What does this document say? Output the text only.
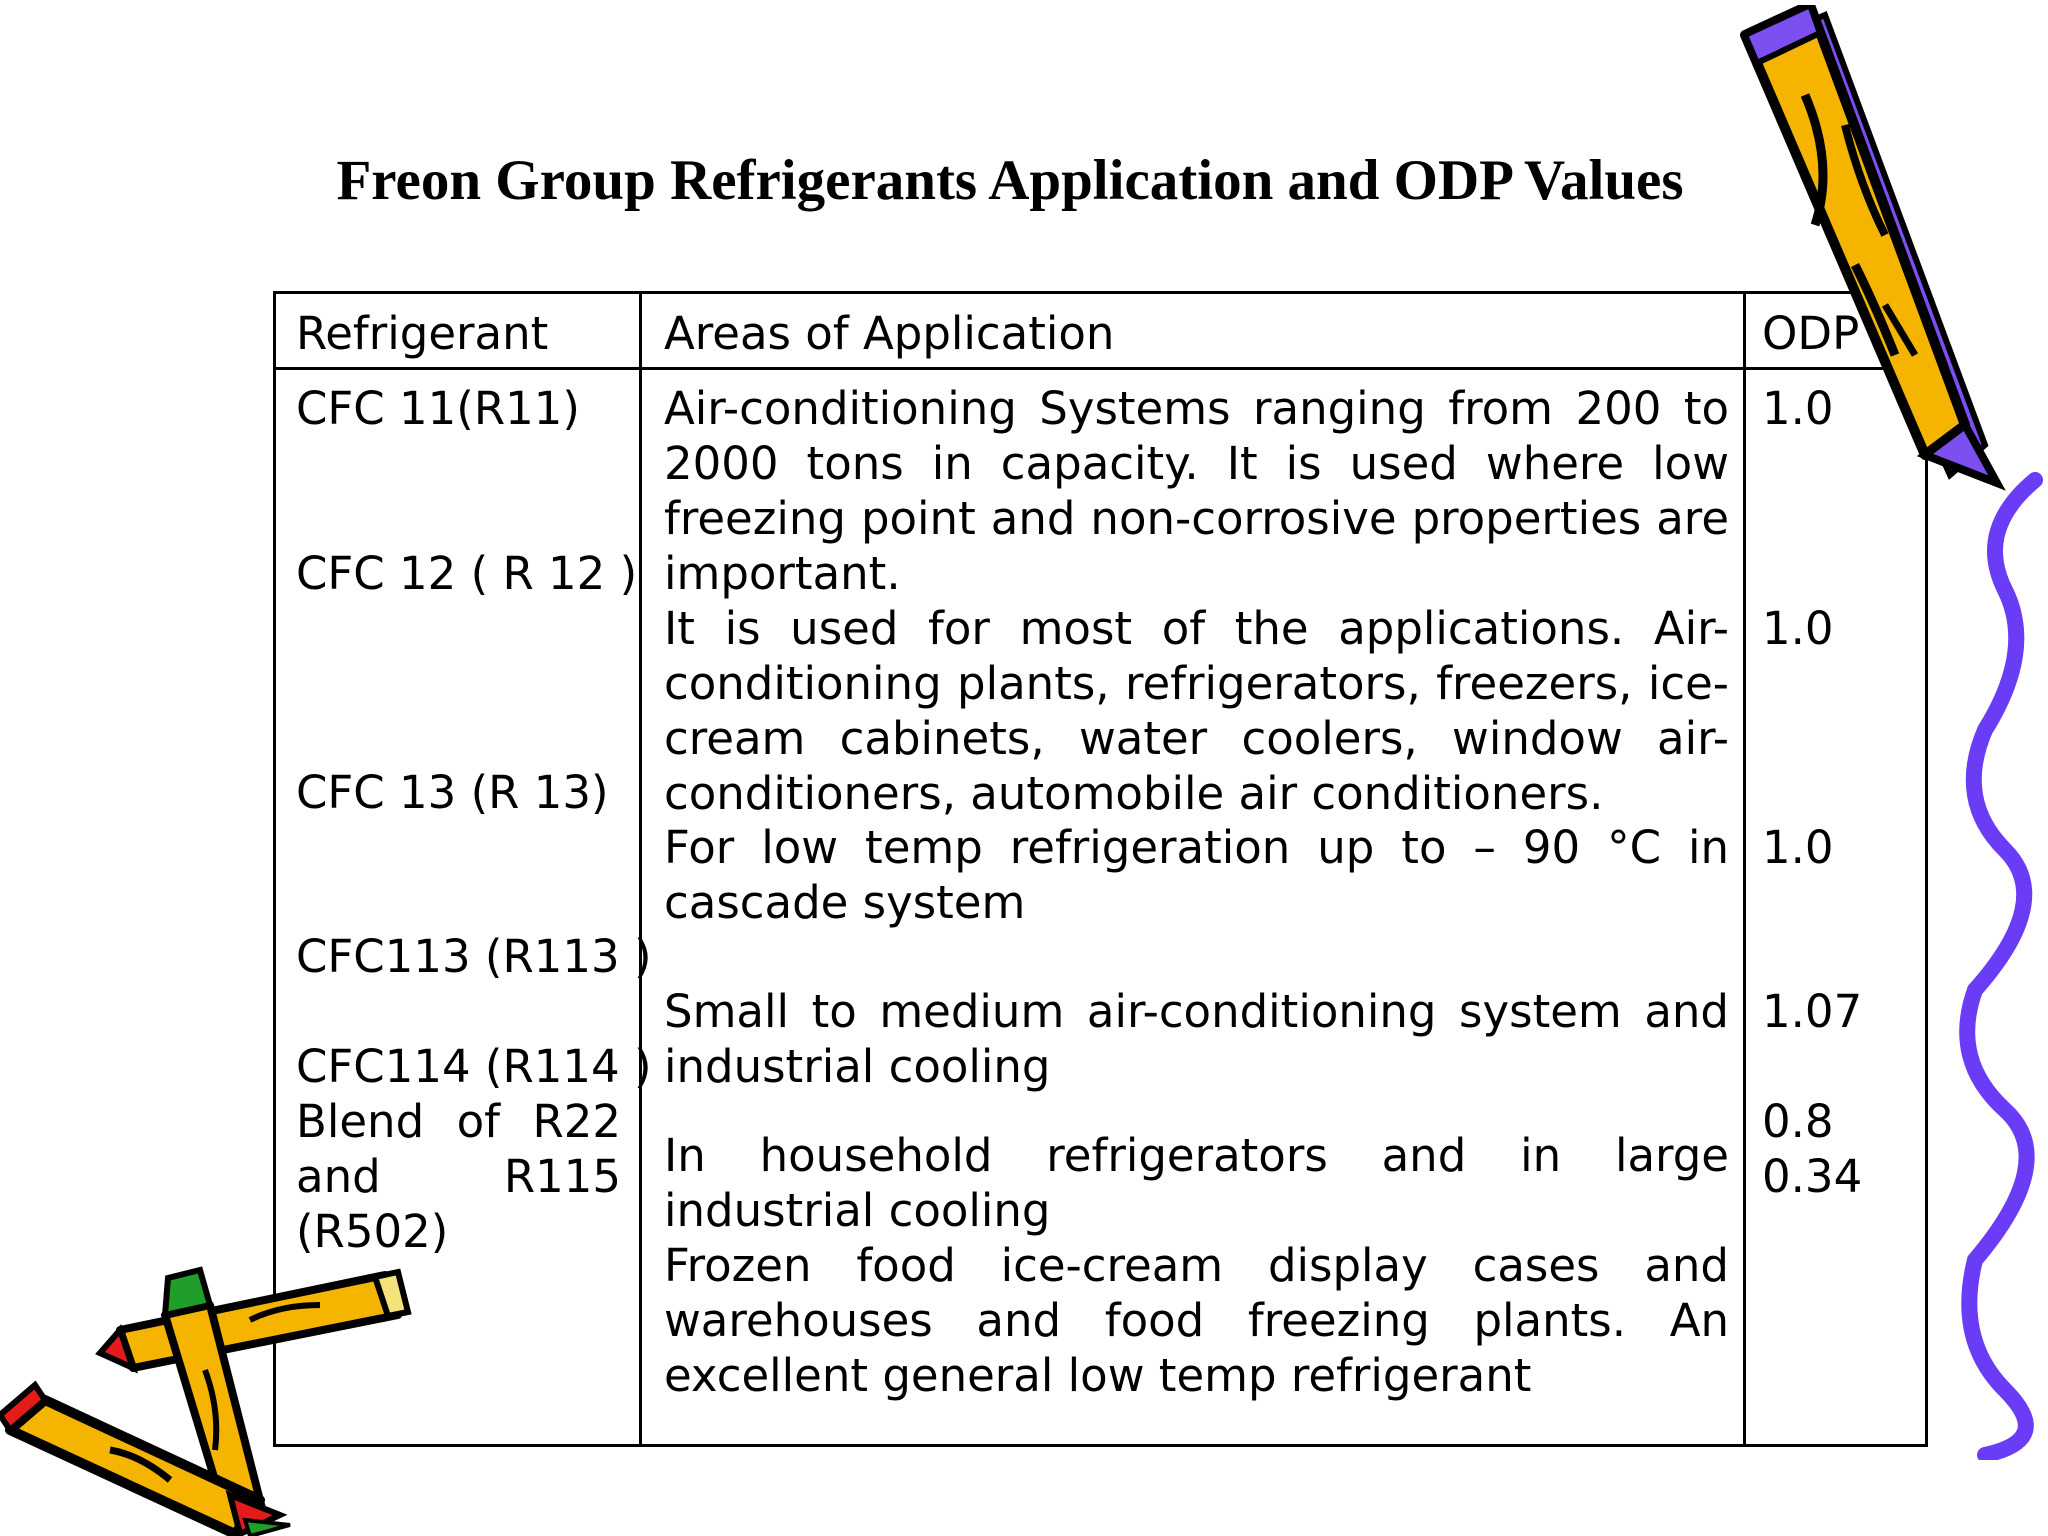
Freon Group Refrigerants Application and ODP Values
Refrigerant	Areas of Application	ODP
CFC 11(R11)
CFC 12 ( R 12 )
CFC 13 (R 13)
CFC113 (R113 )
CFC114 (R114 )
Blend of R22 and R115 (R502)
Air-conditioning Systems ranging from 200 to 2000 tons in capacity. It is used where low freezing point and non-corrosive properties are important.
It is used for most of the applications. Air-conditioning plants, refrigerators, freezers, ice-cream cabinets, water coolers, window air-conditioners, automobile air conditioners.
For low temp refrigeration up to – 90 °C in cascade system
Small to medium air-conditioning system and industrial cooling
In household refrigerators and in large industrial cooling
Frozen food ice-cream display cases and warehouses and food freezing plants. An excellent general low temp refrigerant
1.0
1.0
1.0
1.07
0.8
0.34
